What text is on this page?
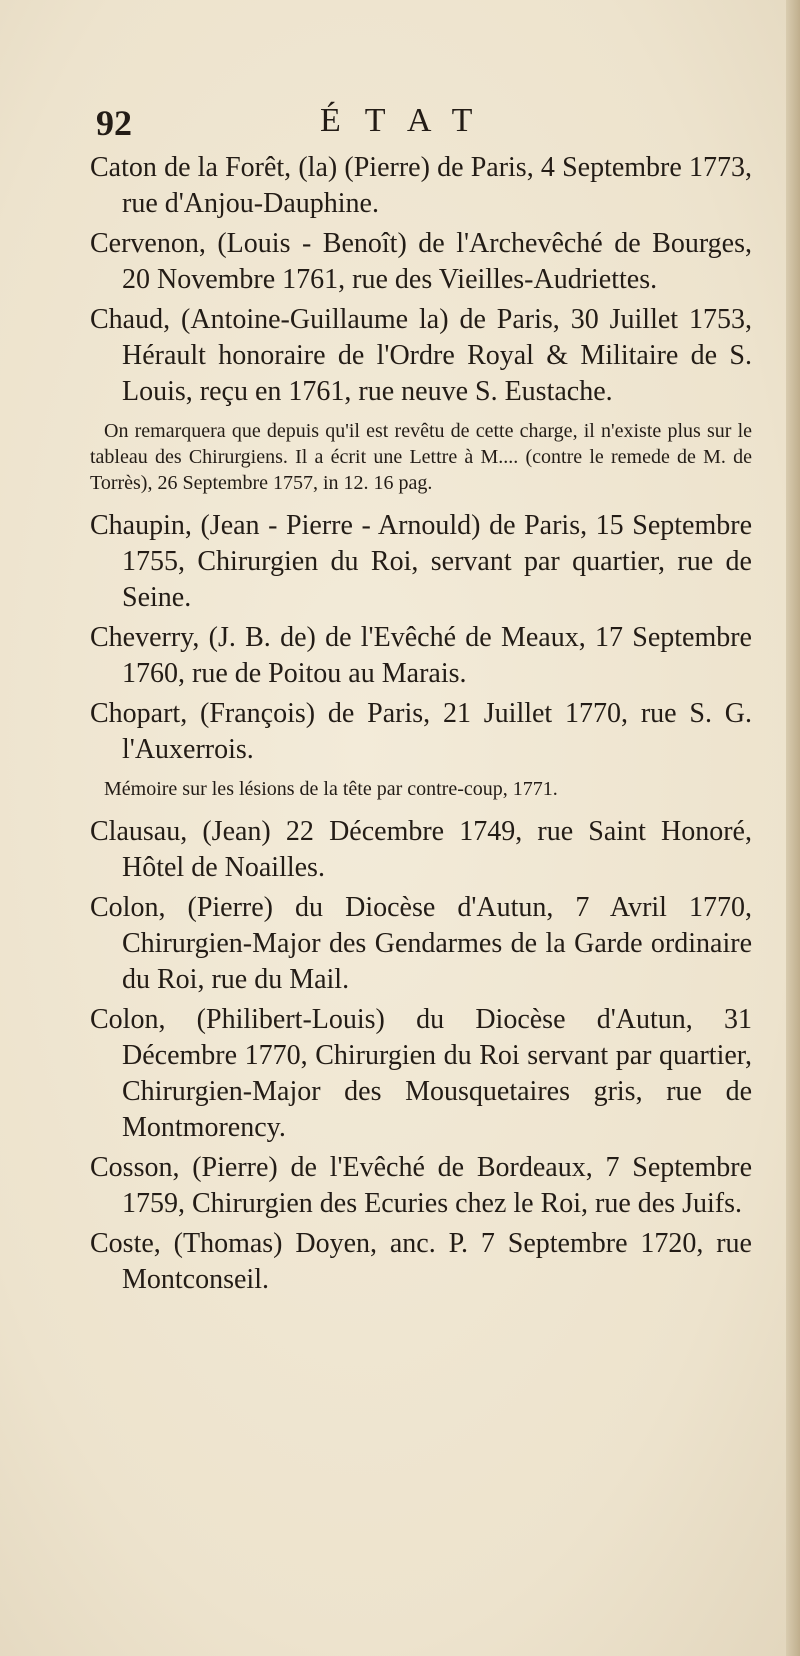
92	ÉTAT

Caton de la Forêt, (la) (Pierre) de Paris, 4 Septembre 1773, rue d'Anjou-Dauphine.

Cervenon, (Louis - Benoît) de l'Archevêché de Bourges, 20 Novembre 1761, rue des Vieilles-Audriettes.

Chaud, (Antoine-Guillaume la) de Paris, 30 Juillet 1753, Hérault honoraire de l'Ordre Royal & Militaire de S. Louis, reçu en 1761, rue neuve S. Eustache.

On remarquera que depuis qu'il est revêtu de cette charge, il n'existe plus sur le tableau des Chirurgiens. Il a écrit une Lettre à M.... (contre le remede de M. de Torrès), 26 Septembre 1757, in 12. 16 pag.

Chaupin, (Jean - Pierre - Arnould) de Paris, 15 Septembre 1755, Chirurgien du Roi, servant par quartier, rue de Seine.

Cheverry, (J. B. de) de l'Evêché de Meaux, 17 Septembre 1760, rue de Poitou au Marais.

Chopart, (François) de Paris, 21 Juillet 1770, rue S. G. l'Auxerrois.

Mémoire sur les lésions de la tête par contre-coup, 1771.

Clausau, (Jean) 22 Décembre 1749, rue Saint Honoré, Hôtel de Noailles.

Colon, (Pierre) du Diocèse d'Autun, 7 Avril 1770, Chirurgien-Major des Gendarmes de la Garde ordinaire du Roi, rue du Mail.

Colon, (Philibert-Louis) du Diocèse d'Autun, 31 Décembre 1770, Chirurgien du Roi servant par quartier, Chirurgien-Major des Mousquetaires gris, rue de Montmorency.

Cosson, (Pierre) de l'Evêché de Bordeaux, 7 Septembre 1759, Chirurgien des Ecuries chez le Roi, rue des Juifs.

Coste, (Thomas) Doyen, anc. P. 7 Septembre 1720, rue Montconseil.
